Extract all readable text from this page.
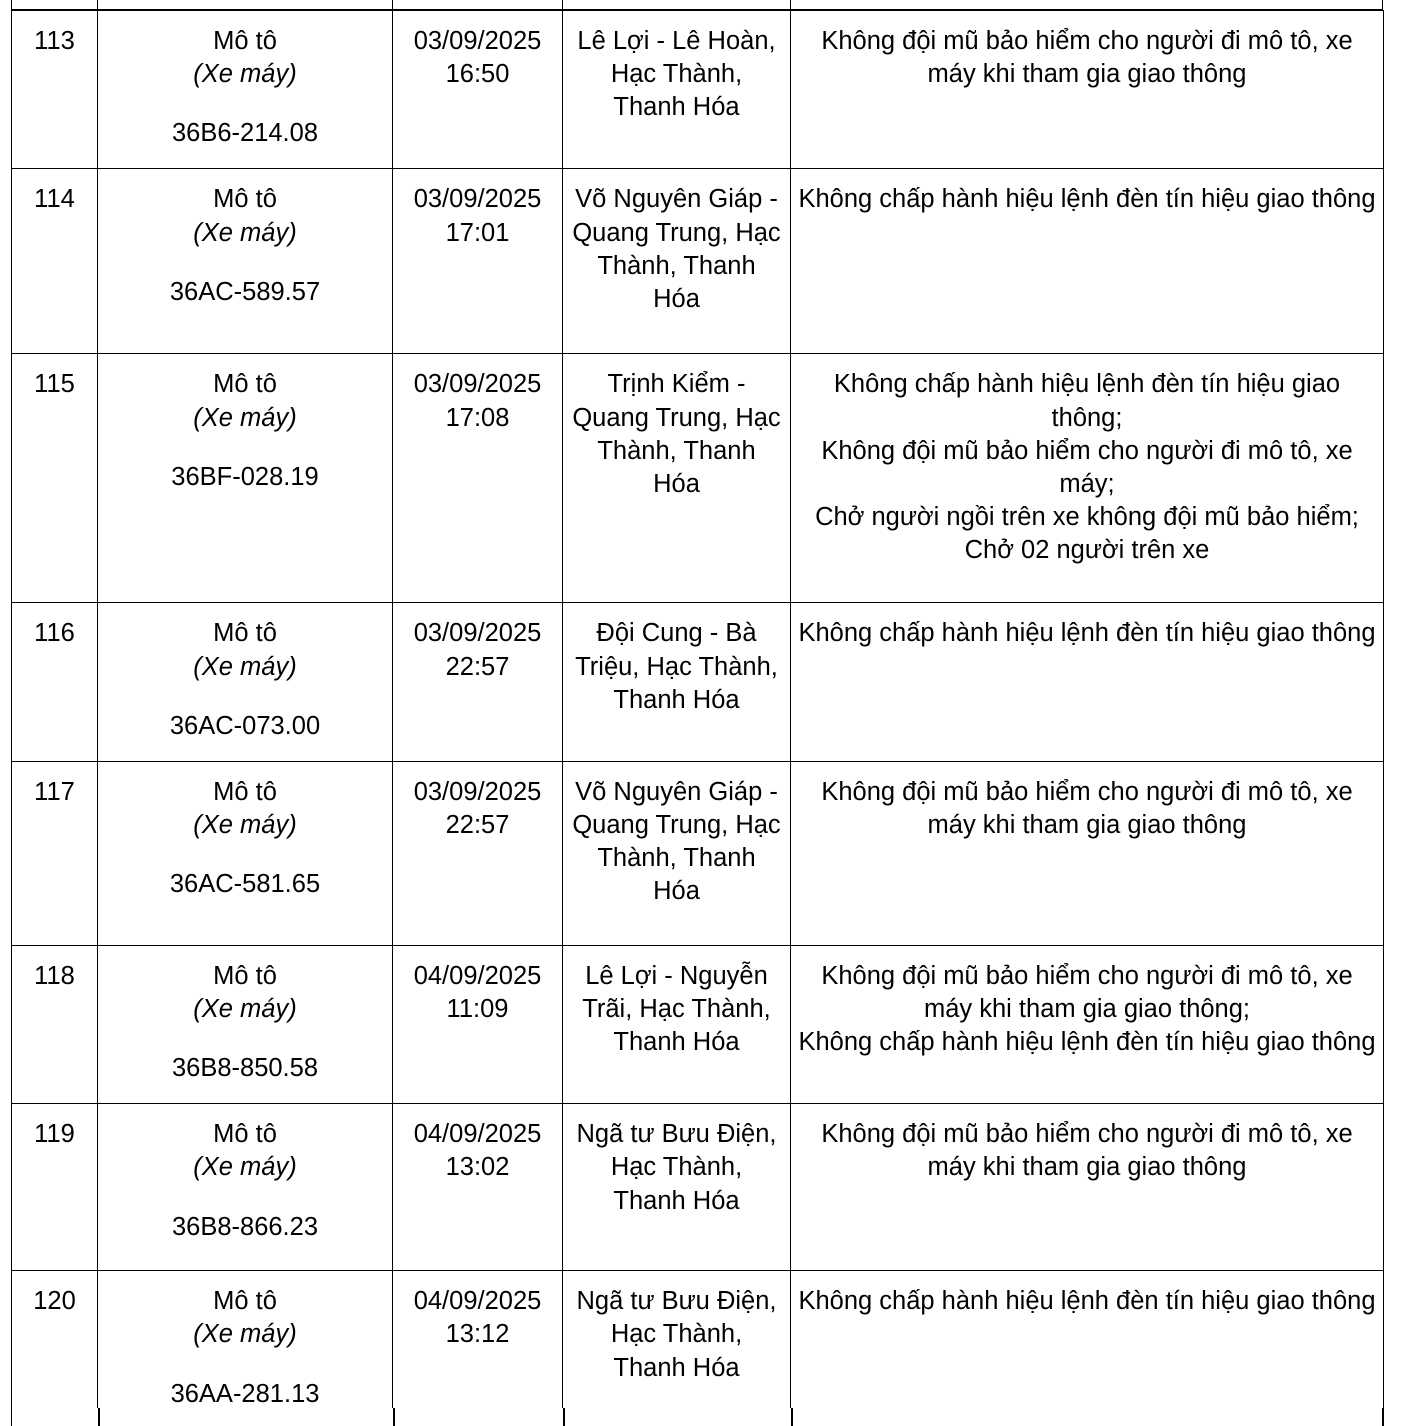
113	Mô tô
(Xe máy)
36B6-214.08	03/09/2025
16:50	Lê Lợi - Lê Hoàn,
Hạc Thành,
Thanh Hóa	Không đội mũ bảo hiểm cho người đi mô tô, xe máy khi tham gia giao thông

114	Mô tô
(Xe máy)
36AC-589.57	03/09/2025
17:01	Võ Nguyên Giáp -
Quang Trung, Hạc
Thành, Thanh
Hóa	Không chấp hành hiệu lệnh đèn tín hiệu giao thông

115	Mô tô
(Xe máy)
36BF-028.19	03/09/2025
17:08	Trịnh Kiểm -
Quang Trung, Hạc
Thành, Thanh
Hóa	Không chấp hành hiệu lệnh đèn tín hiệu giao thông;
Không đội mũ bảo hiểm cho người đi mô tô, xe máy;
Chở người ngồi trên xe không đội mũ bảo hiểm;
Chở 02 người trên xe

116	Mô tô
(Xe máy)
36AC-073.00	03/09/2025
22:57	Đội Cung - Bà
Triệu, Hạc Thành,
Thanh Hóa	Không chấp hành hiệu lệnh đèn tín hiệu giao thông

117	Mô tô
(Xe máy)
36AC-581.65	03/09/2025
22:57	Võ Nguyên Giáp -
Quang Trung, Hạc
Thành, Thanh
Hóa	Không đội mũ bảo hiểm cho người đi mô tô, xe máy khi tham gia giao thông

118	Mô tô
(Xe máy)
36B8-850.58	04/09/2025
11:09	Lê Lợi - Nguyễn
Trãi, Hạc Thành,
Thanh Hóa	Không đội mũ bảo hiểm cho người đi mô tô, xe máy khi tham gia giao thông;
Không chấp hành hiệu lệnh đèn tín hiệu giao thông

119	Mô tô
(Xe máy)
36B8-866.23	04/09/2025
13:02	Ngã tư Bưu Điện,
Hạc Thành,
Thanh Hóa	Không đội mũ bảo hiểm cho người đi mô tô, xe máy khi tham gia giao thông

120	Mô tô
(Xe máy)
36AA-281.13	04/09/2025
13:12	Ngã tư Bưu Điện,
Hạc Thành,
Thanh Hóa	Không chấp hành hiệu lệnh đèn tín hiệu giao thông
